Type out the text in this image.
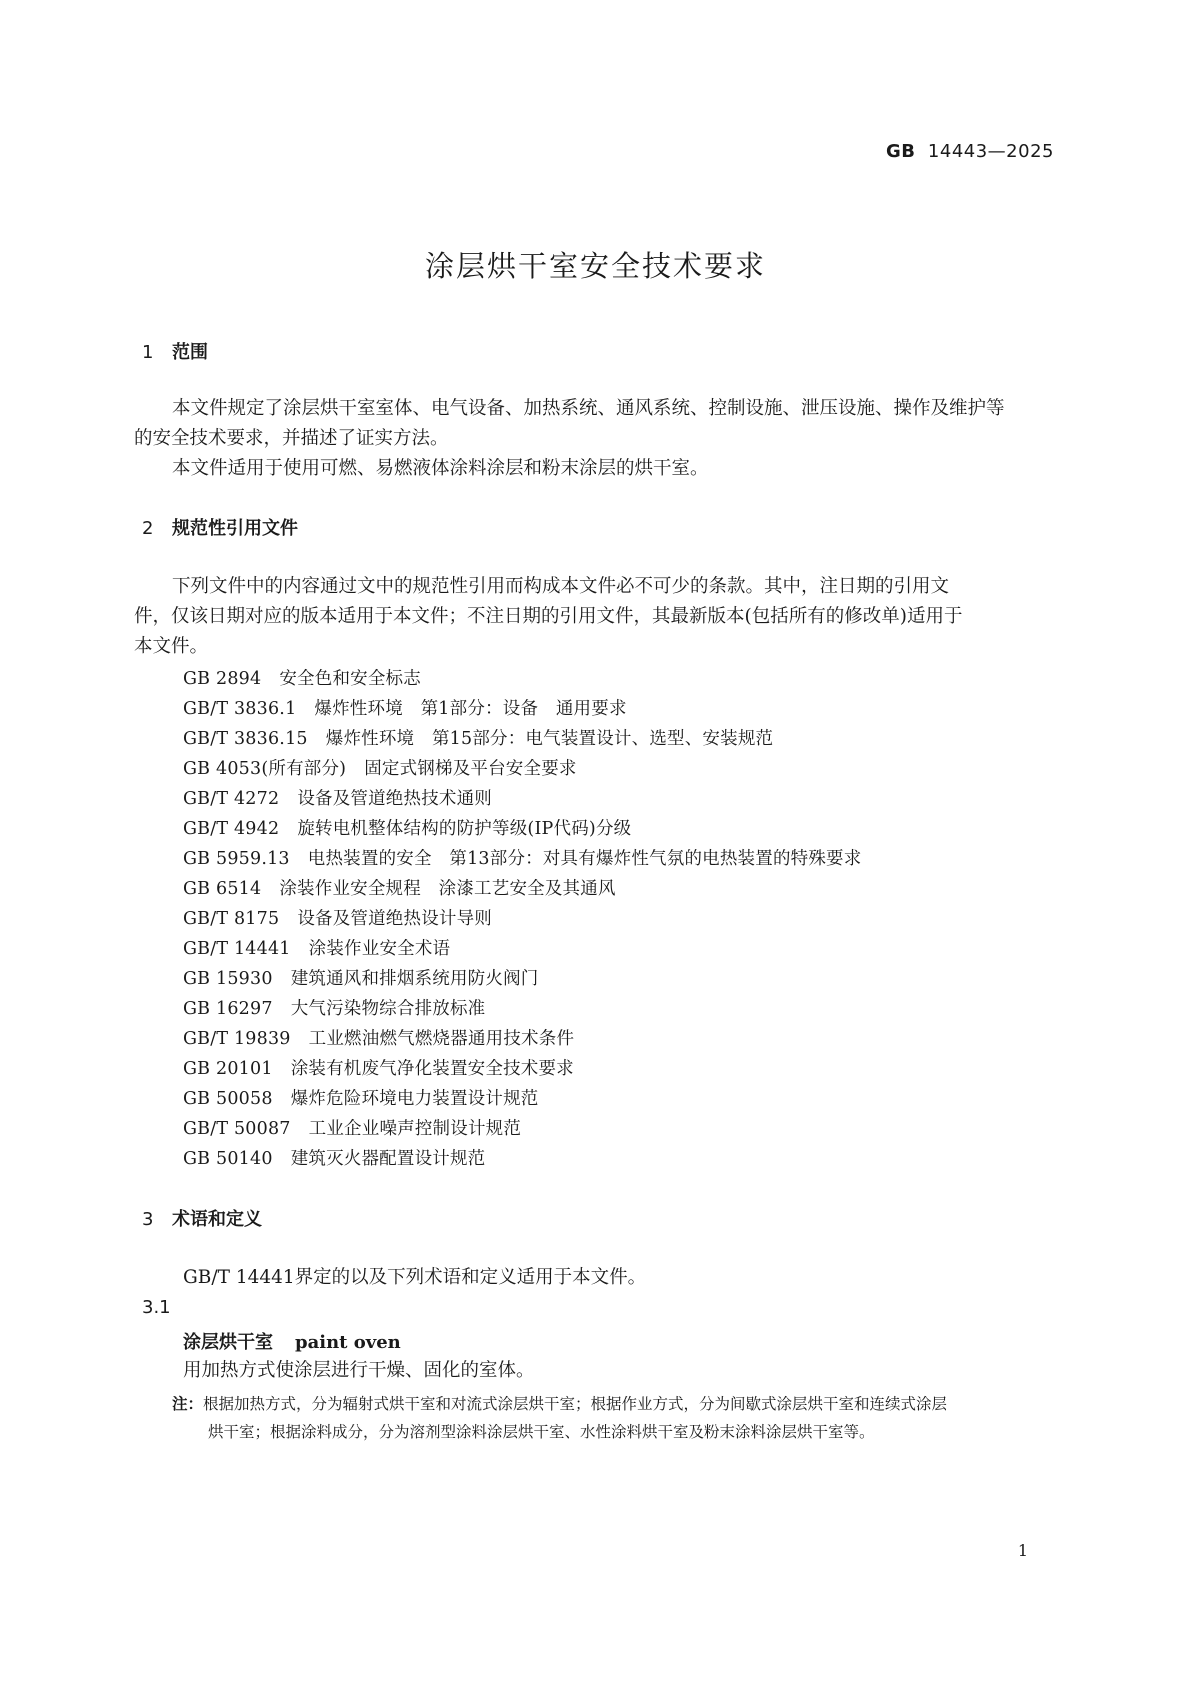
GB 14443—2025
涂层烘干室安全技术要求
1 范围
本文件规定了涂层烘干室室体、电气设备、加热系统、通风系统、控制设施、泄压设施、操作及维护等
的安全技术要求，并描述了证实方法。
本文件适用于使用可燃、易燃液体涂料涂层和粉末涂层的烘干室。
2 规范性引用文件
下列文件中的内容通过文中的规范性引用而构成本文件必不可少的条款。其中，注日期的引用文
件，仅该日期对应的版本适用于本文件；不注日期的引用文件，其最新版本(包括所有的修改单)适用于
本文件。
GB 2894 安全色和安全标志
GB/T 3836.1 爆炸性环境　第1部分：设备　通用要求
GB/T 3836.15 爆炸性环境　第15部分：电气装置设计、选型、安装规范
GB 4053(所有部分) 固定式钢梯及平台安全要求
GB/T 4272 设备及管道绝热技术通则
GB/T 4942 旋转电机整体结构的防护等级(IP代码)分级
GB 5959.13 电热装置的安全　第13部分：对具有爆炸性气氛的电热装置的特殊要求
GB 6514 涂装作业安全规程　涂漆工艺安全及其通风
GB/T 8175 设备及管道绝热设计导则
GB/T 14441 涂装作业安全术语
GB 15930 建筑通风和排烟系统用防火阀门
GB 16297 大气污染物综合排放标准
GB/T 19839 工业燃油燃气燃烧器通用技术条件
GB 20101 涂装有机废气净化装置安全技术要求
GB 50058 爆炸危险环境电力装置设计规范
GB/T 50087 工业企业噪声控制设计规范
GB 50140 建筑灭火器配置设计规范
3 术语和定义
GB/T 14441界定的以及下列术语和定义适用于本文件。
3.1
涂层烘干室 paint oven
用加热方式使涂层进行干燥、固化的室体。
注：根据加热方式，分为辐射式烘干室和对流式涂层烘干室；根据作业方式，分为间歇式涂层烘干室和连续式涂层
烘干室；根据涂料成分，分为溶剂型涂料涂层烘干室、水性涂料烘干室及粉末涂料涂层烘干室等。
1
